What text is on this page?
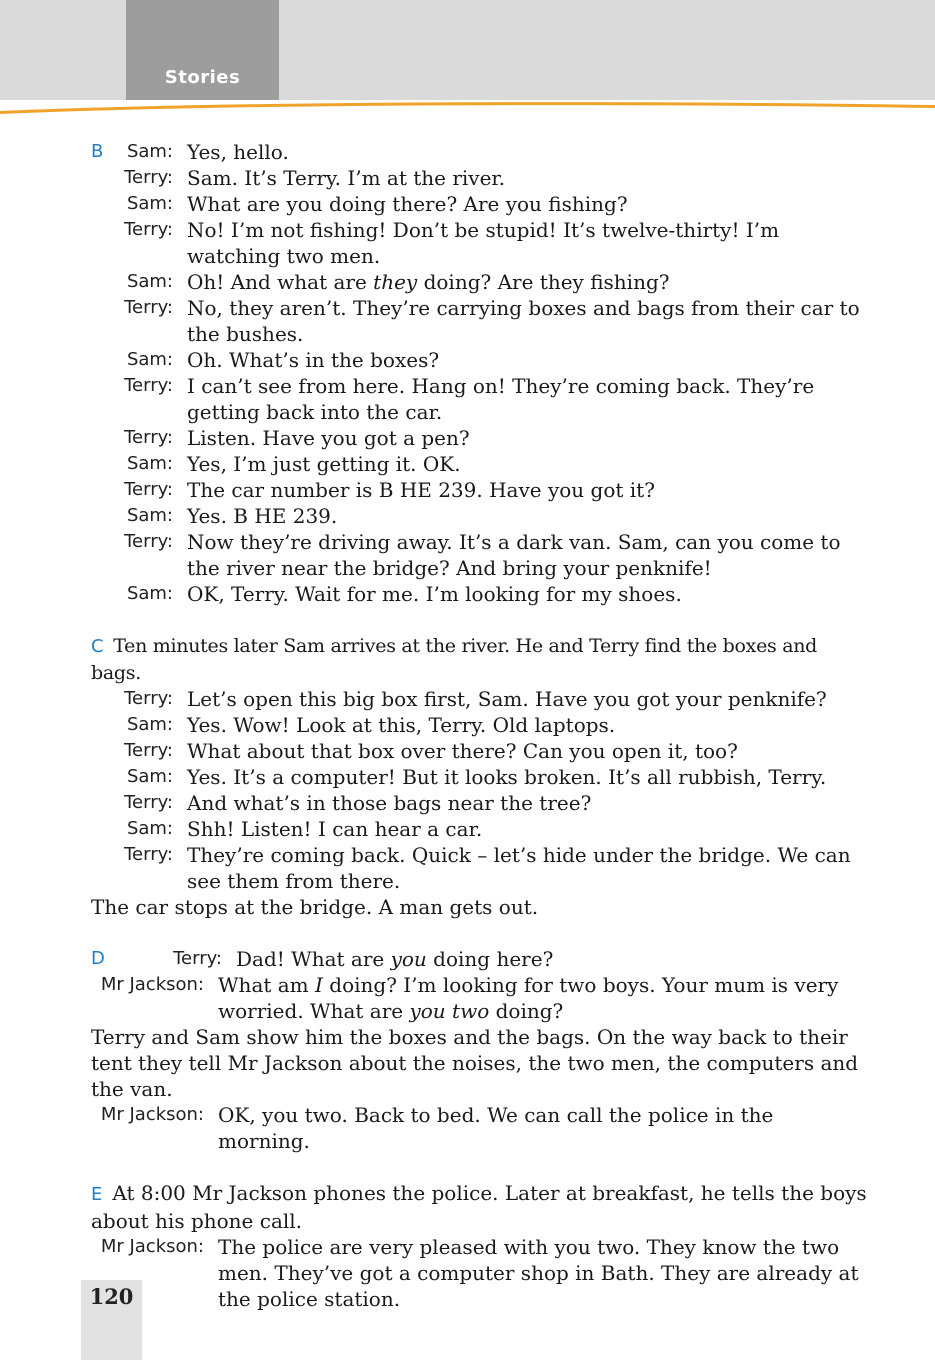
Stories
B	Sam: Yes, hello.
Terry: Sam. It’s Terry. I’m at the river.
Sam: What are you doing there? Are you fishing?
Terry: No! I’m not fishing! Don’t be stupid! It’s twelve-thirty! I’m watching two men.
Sam: Oh! And what are they doing? Are they fishing?
Terry: No, they aren’t. They’re carrying boxes and bags from their car to the bushes.
Sam: Oh. What’s in the boxes?
Terry: I can’t see from here. Hang on! They’re coming back. They’re getting back into the car.
Terry: Listen. Have you got a pen?
Sam: Yes, I’m just getting it. OK.
Terry: The car number is B HE 239. Have you got it?
Sam: Yes. B HE 239.
Terry: Now they’re driving away. It’s a dark van. Sam, can you come to the river near the bridge? And bring your penknife!
Sam: OK, Terry. Wait for me. I’m looking for my shoes.
C Ten minutes later Sam arrives at the river. He and Terry find the boxes and bags.
Terry: Let’s open this big box first, Sam. Have you got your penknife?
Sam: Yes. Wow! Look at this, Terry. Old laptops.
Terry: What about that box over there? Can you open it, too?
Sam: Yes. It’s a computer! But it looks broken. It’s all rubbish, Terry.
Terry: And what’s in those bags near the tree?
Sam: Shh! Listen! I can hear a car.
Terry: They’re coming back. Quick – let’s hide under the bridge. We can see them from there.
The car stops at the bridge. A man gets out.
D	Terry: Dad! What are you doing here?
Mr Jackson: What am I doing? I’m looking for two boys. Your mum is very worried. What are you two doing?
Terry and Sam show him the boxes and the bags. On the way back to their tent they tell Mr Jackson about the noises, the two men, the computers and the van.
Mr Jackson: OK, you two. Back to bed. We can call the police in the morning.
E At 8:00 Mr Jackson phones the police. Later at breakfast, he tells the boys about his phone call.
Mr Jackson: The police are very pleased with you two. They know the two men. They’ve got a computer shop in Bath. They are already at the police station.
120
